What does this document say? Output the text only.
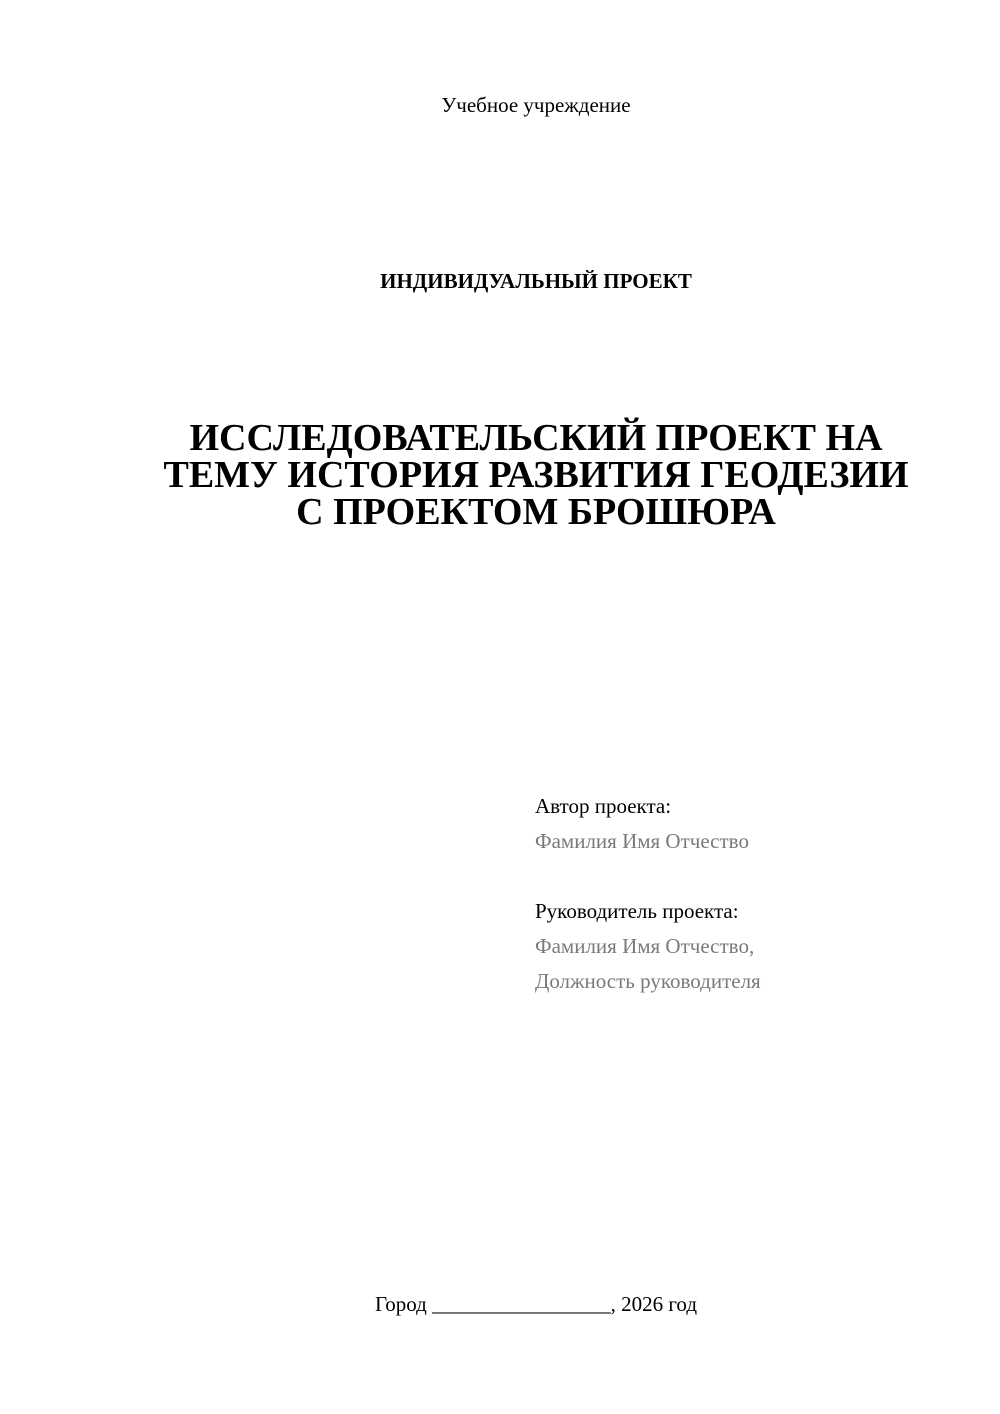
Учебное учреждение
ИНДИВИДУАЛЬНЫЙ ПРОЕКТ
ИССЛЕДОВАТЕЛЬСКИЙ ПРОЕКТ НА
ТЕМУ ИСТОРИЯ РАЗВИТИЯ ГЕОДЕЗИИ
С ПРОЕКТОМ БРОШЮРА
Автор проекта:
Фамилия Имя Отчество
Руководитель проекта:
Фамилия Имя Отчество,
Должность руководителя
Город _________________, 2026 год
